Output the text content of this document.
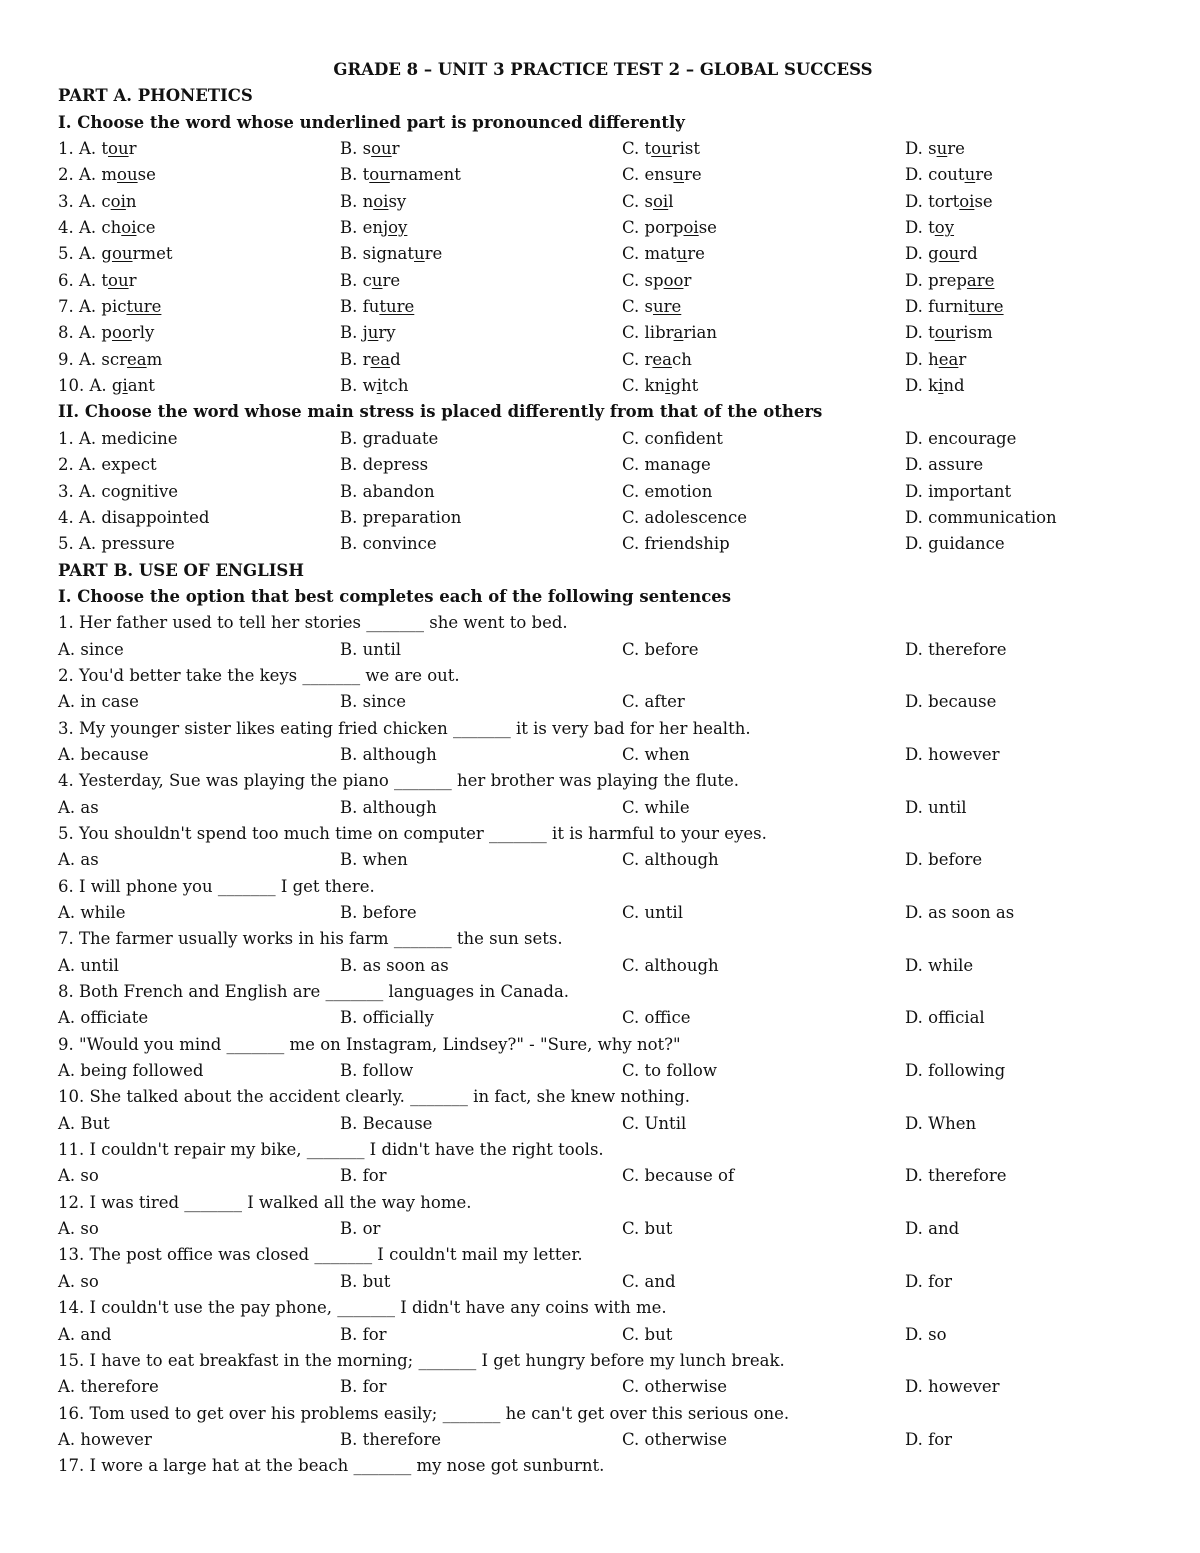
GRADE 8 – UNIT 3 PRACTICE TEST 2 – GLOBAL SUCCESS
PART A. PHONETICS
I. Choose the word whose underlined part is pronounced differently
1. A. tour	B. sour	C. tourist	D. sure
2. A. mouse	B. tournament	C. ensure	D. couture
3. A. coin	B. noisy	C. soil	D. tortoise
4. A. choice	B. enjoy	C. porpoise	D. toy
5. A. gourmet	B. signature	C. mature	D. gourd
6. A. tour	B. cure	C. spoor	D. prepare
7. A. picture	B. future	C. sure	D. furniture
8. A. poorly	B. jury	C. librarian	D. tourism
9. A. scream	B. read	C. reach	D. hear
10. A. giant	B. witch	C. knight	D. kind
II. Choose the word whose main stress is placed differently from that of the others
1. A. medicine	B. graduate	C. confident	D. encourage
2. A. expect	B. depress	C. manage	D. assure
3. A. cognitive	B. abandon	C. emotion	D. important
4. A. disappointed	B. preparation	C. adolescence	D. communication
5. A. pressure	B. convince	C. friendship	D. guidance
PART B. USE OF ENGLISH
I. Choose the option that best completes each of the following sentences
1. Her father used to tell her stories _______ she went to bed.
A. since	B. until	C. before	D. therefore
2. You'd better take the keys _______ we are out.
A. in case	B. since	C. after	D. because
3. My younger sister likes eating fried chicken _______ it is very bad for her health.
A. because	B. although	C. when	D. however
4. Yesterday, Sue was playing the piano _______ her brother was playing the flute.
A. as	B. although	C. while	D. until
5. You shouldn't spend too much time on computer _______ it is harmful to your eyes.
A. as	B. when	C. although	D. before
6. I will phone you _______ I get there.
A. while	B. before	C. until	D. as soon as
7. The farmer usually works in his farm _______ the sun sets.
A. until	B. as soon as	C. although	D. while
8. Both French and English are _______ languages in Canada.
A. officiate	B. officially	C. office	D. official
9. "Would you mind _______ me on Instagram, Lindsey?" - "Sure, why not?"
A. being followed	B. follow	C. to follow	D. following
10. She talked about the accident clearly. _______ in fact, she knew nothing.
A. But	B. Because	C. Until	D. When
11. I couldn't repair my bike, _______ I didn't have the right tools.
A. so	B. for	C. because of	D. therefore
12. I was tired _______ I walked all the way home.
A. so	B. or	C. but	D. and
13. The post office was closed _______ I couldn't mail my letter.
A. so	B. but	C. and	D. for
14. I couldn't use the pay phone, _______ I didn't have any coins with me.
A. and	B. for	C. but	D. so
15. I have to eat breakfast in the morning; _______ I get hungry before my lunch break.
A. therefore	B. for	C. otherwise	D. however
16. Tom used to get over his problems easily; _______ he can't get over this serious one.
A. however	B. therefore	C. otherwise	D. for
17. I wore a large hat at the beach _______ my nose got sunburnt.
